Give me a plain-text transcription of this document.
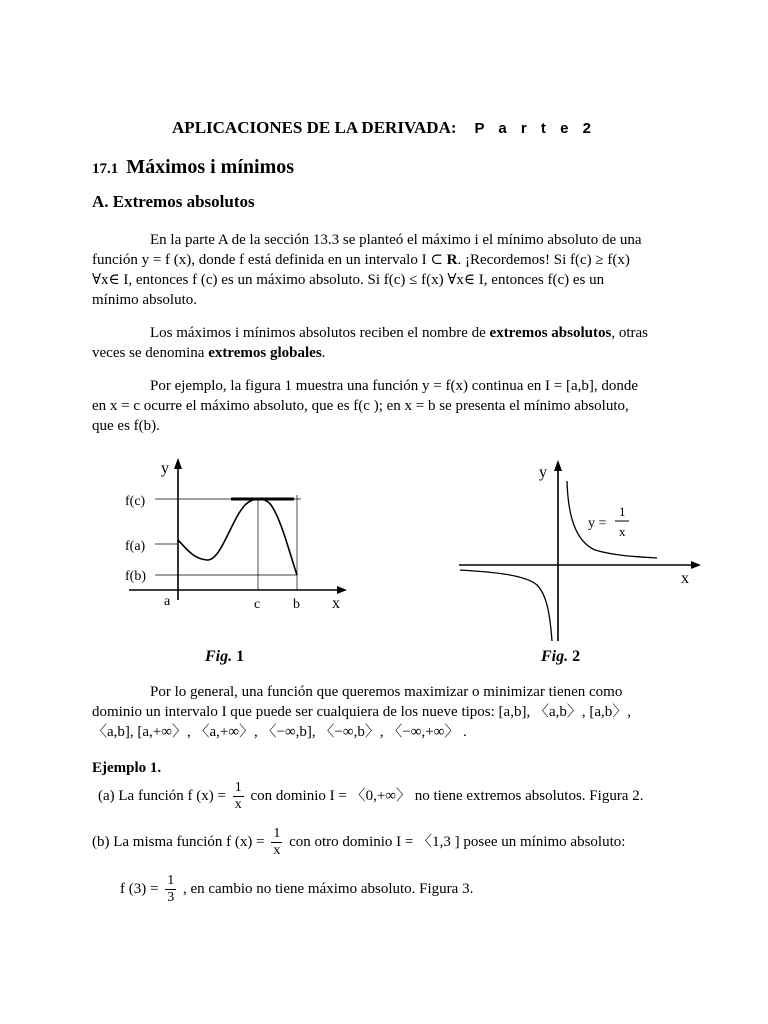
APLICACIONES DE LA DERIVADA: P a r t e 2
17.1 Máximos i mínimos
A. Extremos absolutos
En la parte A de la sección 13.3 se planteó el máximo i el mínimo absoluto de una
función y = f (x), donde f está definida en un intervalo I ⊂ R. ¡Recordemos! Si f(c) ≥ f(x)
∀x∈ I, entonces f (c) es un máximo absoluto. Si f(c) ≤ f(x) ∀x∈ I, entonces f(c) es un
mínimo absoluto.
Los máximos i mínimos absolutos reciben el nombre de extremos absolutos, otras
veces se denomina extremos globales.
Por ejemplo, la figura 1 muestra una función y = f(x) continua en I = [a,b], donde
en x = c ocurre el máximo absoluto, que es f(c ); en x = b se presenta el mínimo absoluto,
que es f(b).
y
f(c)
f(a)
f(b)
a	c b x
Fig. 1
y
x
y =
1
x
Fig. 2
Por lo general, una función que queremos maximizar o minimizar tienen como
dominio un intervalo I que puede ser cualquiera de los nueve tipos: [a,b], 〈a,b〉, [a,b〉,
〈a,b], [a,+∞〉, 〈a,+∞〉, 〈−∞,b], 〈−∞,b〉, 〈−∞,+∞〉 .
Ejemplo 1.
(a) La función f $(x) = \frac{1}{x}$ con dominio I = 〈0,+∞〉 no tiene extremos absolutos. Figura 2.
(b) La misma función f $(x) = \frac{1}{x}$ con otro dominio I = 〈1,3 ] posee un mínimo absoluto:
f $(3) = \frac{1}{3}$ , en cambio no tiene máximo absoluto. Figura 3.
